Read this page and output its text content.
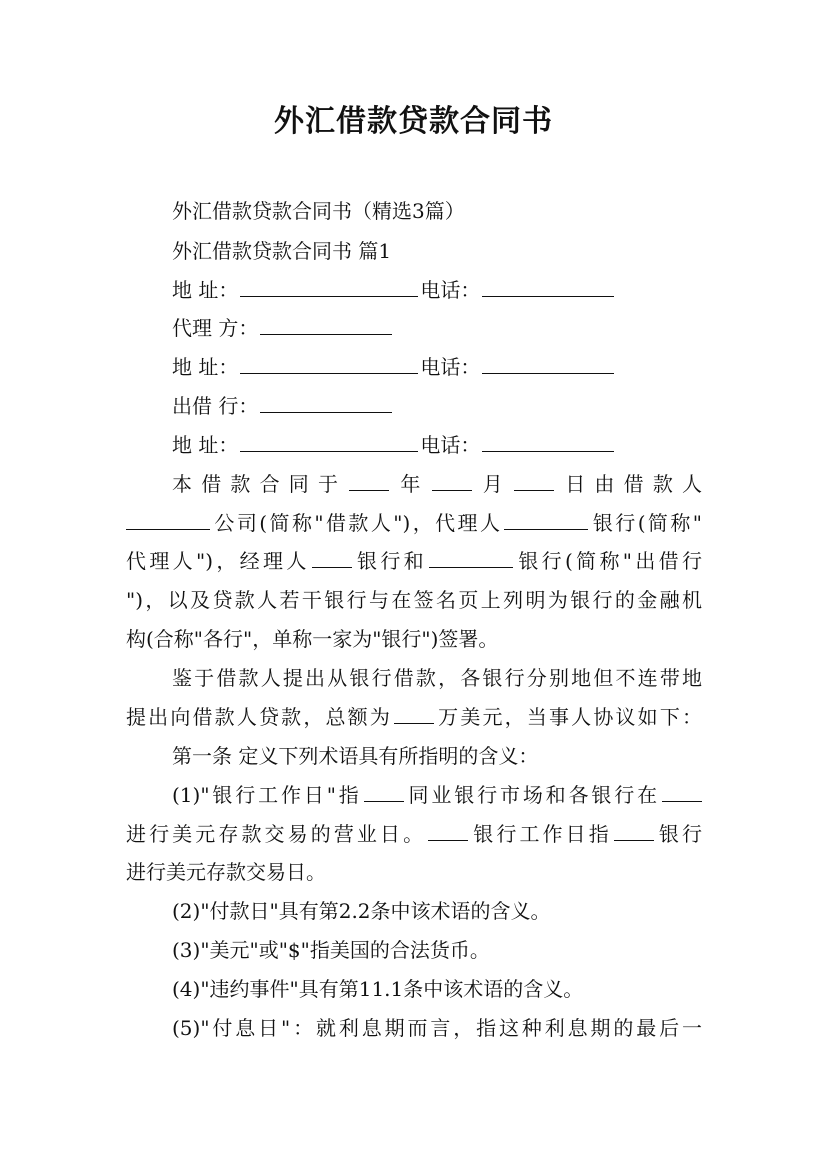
外汇借款贷款合同书
外汇借款贷款合同书（精选3篇）
外汇借款贷款合同书 篇1
地 址：	电话：
代理 方：
地 址：	电话：
出借 行：
地 址：	电话：
本借款合同于 年 月 日由借款人
公司(简称"借款人")，代理人	银行(简称"
代理人")，经理人 银行和	银行(简称"出借行
")，以及贷款人若干银行与在签名页上列明为银行的金融机
构(合称"各行"，单称一家为"银行")签署。
鉴于借款人提出从银行借款，各银行分别地但不连带地
提出向借款人贷款，总额为 万美元，当事人协议如下：
第一条 定义下列术语具有所指明的含义：
(1)"银行工作日"指 同业银行市场和各银行在
进行美元存款交易的营业日。 银行工作日指 银行
进行美元存款交易日。
(2)"付款日"具有第2.2条中该术语的含义。
(3)"美元"或"$"指美国的合法货币。
(4)"违约事件"具有第11.1条中该术语的含义。
(5)"付息日"：就利息期而言，指这种利息期的最后一
